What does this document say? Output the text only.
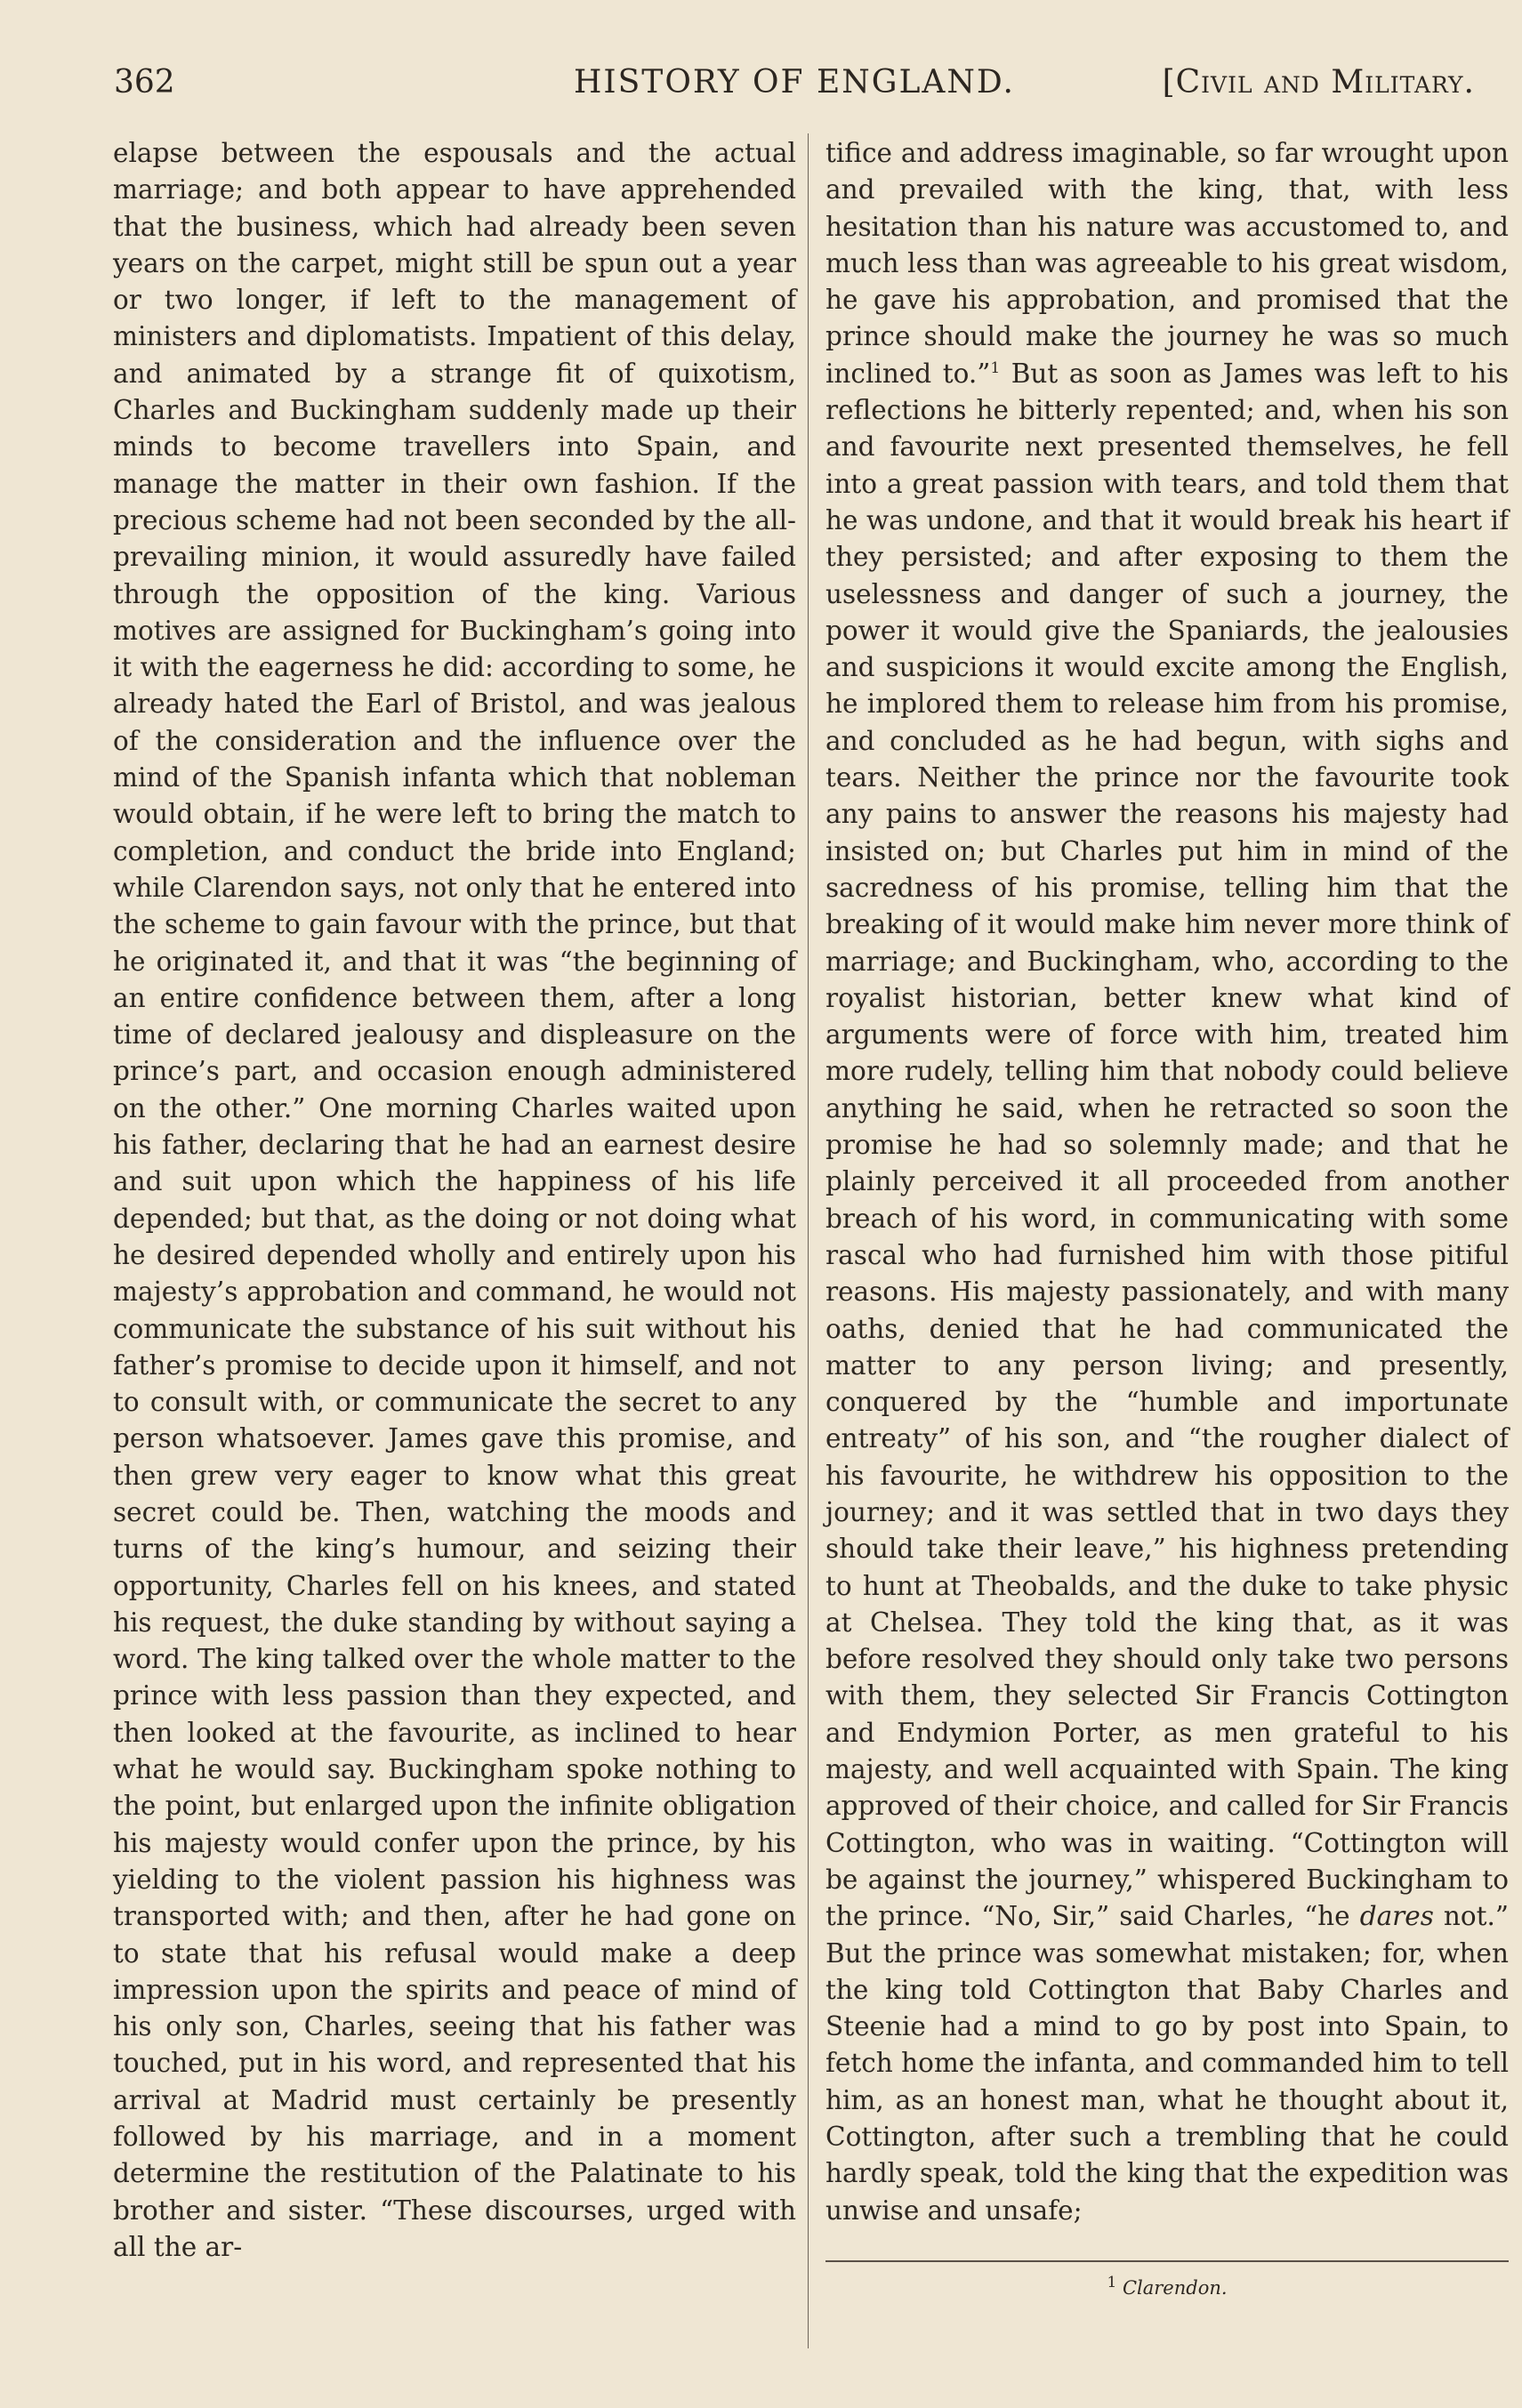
362	HISTORY OF ENGLAND.	[Civil and Military.

elapse between the espousals and the actual marriage; and both appear to have apprehended that the business, which had already been seven years on the carpet, might still be spun out a year or two longer, if left to the management of ministers and diplomatists. Impatient of this delay, and animated by a strange fit of quixotism, Charles and Buckingham suddenly made up their minds to become travellers into Spain, and manage the matter in their own fashion. If the precious scheme had not been seconded by the all-prevailing minion, it would assuredly have failed through the opposition of the king. Various motives are assigned for Buckingham’s going into it with the eagerness he did: according to some, he already hated the Earl of Bristol, and was jealous of the consideration and the influence over the mind of the Spanish infanta which that nobleman would obtain, if he were left to bring the match to completion, and conduct the bride into England; while Clarendon says, not only that he entered into the scheme to gain favour with the prince, but that he originated it, and that it was “the beginning of an entire confidence between them, after a long time of declared jealousy and displeasure on the prince’s part, and occasion enough administered on the other.” One morning Charles waited upon his father, declaring that he had an earnest desire and suit upon which the happiness of his life depended; but that, as the doing or not doing what he desired depended wholly and entirely upon his majesty’s approbation and command, he would not communicate the substance of his suit without his father’s promise to decide upon it himself, and not to consult with, or communicate the secret to any person whatsoever. James gave this promise, and then grew very eager to know what this great secret could be. Then, watching the moods and turns of the king’s humour, and seizing their opportunity, Charles fell on his knees, and stated his request, the duke standing by without saying a word. The king talked over the whole matter to the prince with less passion than they expected, and then looked at the favourite, as inclined to hear what he would say. Buckingham spoke nothing to the point, but enlarged upon the infinite obligation his majesty would confer upon the prince, by his yielding to the violent passion his highness was transported with; and then, after he had gone on to state that his refusal would make a deep impression upon the spirits and peace of mind of his only son, Charles, seeing that his father was touched, put in his word, and represented that his arrival at Madrid must certainly be presently followed by his marriage, and in a moment determine the restitution of the Palatinate to his brother and sister. “These discourses, urged with all the ar-

tifice and address imaginable, so far wrought upon and prevailed with the king, that, with less hesitation than his nature was accustomed to, and much less than was agreeable to his great wisdom, he gave his approbation, and promised that the prince should make the journey he was so much inclined to.”$^1$ But as soon as James was left to his reflections he bitterly repented; and, when his son and favourite next presented themselves, he fell into a great passion with tears, and told them that he was undone, and that it would break his heart if they persisted; and after exposing to them the uselessness and danger of such a journey, the power it would give the Spaniards, the jealousies and suspicions it would excite among the English, he implored them to release him from his promise, and concluded as he had begun, with sighs and tears. Neither the prince nor the favourite took any pains to answer the reasons his majesty had insisted on; but Charles put him in mind of the sacredness of his promise, telling him that the breaking of it would make him never more think of marriage; and Buckingham, who, according to the royalist historian, better knew what kind of arguments were of force with him, treated him more rudely, telling him that nobody could believe anything he said, when he retracted so soon the promise he had so solemnly made; and that he plainly perceived it all proceeded from another breach of his word, in communicating with some rascal who had furnished him with those pitiful reasons. His majesty passionately, and with many oaths, denied that he had communicated the matter to any person living; and presently, conquered by the “humble and importunate entreaty” of his son, and “the rougher dialect of his favourite, he withdrew his opposition to the journey; and it was settled that in two days they should take their leave,” his highness pretending to hunt at Theobalds, and the duke to take physic at Chelsea. They told the king that, as it was before resolved they should only take two persons with them, they selected Sir Francis Cottington and Endymion Porter, as men grateful to his majesty, and well acquainted with Spain. The king approved of their choice, and called for Sir Francis Cottington, who was in waiting. “Cottington will be against the journey,” whispered Buckingham to the prince. “No, Sir,” said Charles, “he dares not.” But the prince was somewhat mistaken; for, when the king told Cottington that Baby Charles and Steenie had a mind to go by post into Spain, to fetch home the infanta, and commanded him to tell him, as an honest man, what he thought about it, Cottington, after such a trembling that he could hardly speak, told the king that the expedition was unwise and unsafe;

$^1$ Clarendon.
